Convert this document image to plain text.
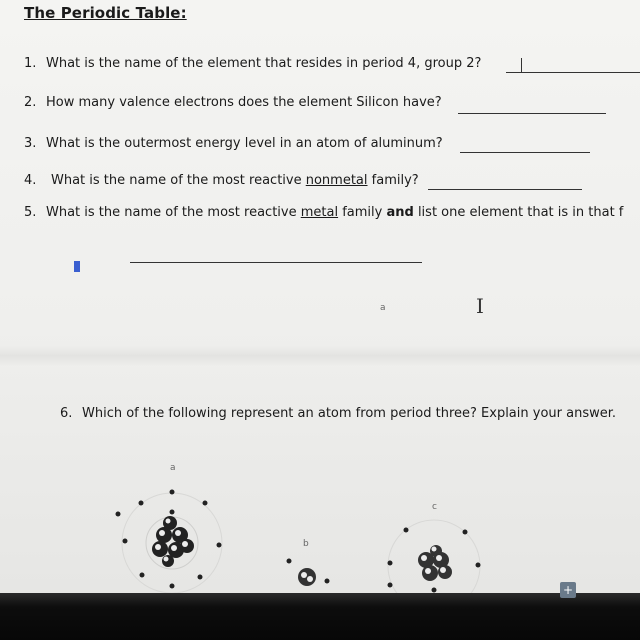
The Periodic Table:
1. What is the name of the element that resides in period 4, group 2?
2. How many valence electrons does the element Silicon have?
3. What is the outermost energy level in an atom of aluminum?
4. What is the name of the most reactive nonmetal family?
5. What is the name of the most reactive metal family and list one element that is in that f
a	I
6. Which of the following represent an atom from period three? Explain your answer.
a
b
c
+
